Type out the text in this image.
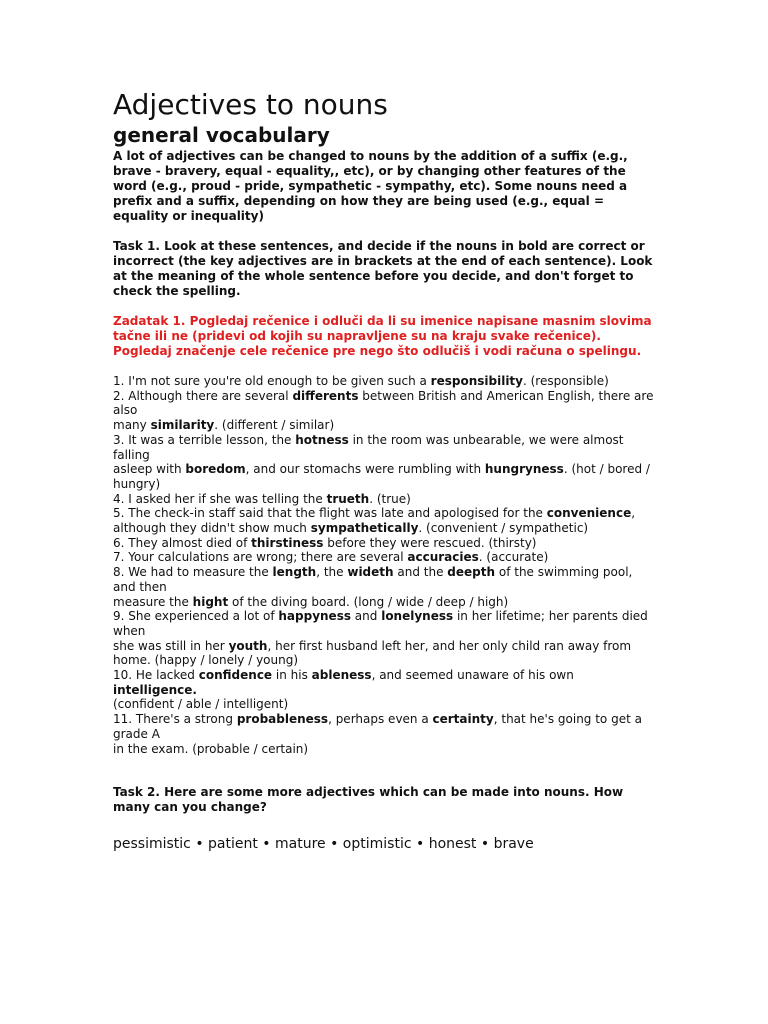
Adjectives to nouns
general vocabulary

A lot of adjectives can be changed to nouns by the addition of a suffix (e.g., brave - bravery, equal - equality,, etc), or by changing other features of the word (e.g., proud - pride, sympathetic - sympathy, etc). Some nouns need a prefix and a suffix, depending on how they are being used (e.g., equal = equality or inequality)

Task 1. Look at these sentences, and decide if the nouns in bold are correct or incorrect (the key adjectives are in brackets at the end of each sentence). Look at the meaning of the whole sentence before you decide, and don't forget to check the spelling.

Zadatak 1. Pogledaj rečenice i odluči da li su imenice napisane masnim slovima tačne ili ne (pridevi od kojih su napravljene su na kraju svake rečenice). Pogledaj značenje cele rečenice pre nego što odlučiš i vodi računa o spelingu.

1. I'm not sure you're old enough to be given such a responsibility. (responsible)
2. Although there are several differents between British and American English, there are also
many similarity. (different / similar)
3. It was a terrible lesson, the hotness in the room was unbearable, we were almost falling
asleep with boredom, and our stomachs were rumbling with hungryness. (hot / bored / hungry)
4. I asked her if she was telling the trueth. (true)
5. The check-in staff said that the flight was late and apologised for the convenience,
although they didn't show much sympathetically. (convenient / sympathetic)
6. They almost died of thirstiness before they were rescued. (thirsty)
7. Your calculations are wrong; there are several accuracies. (accurate)
8. We had to measure the length, the wideth and the deepth of the swimming pool, and then
measure the hight of the diving board. (long / wide / deep / high)
9. She experienced a lot of happyness and lonelyness in her lifetime; her parents died when
she was still in her youth, her first husband left her, and her only child ran away from home. (happy / lonely / young)
10. He lacked confidence in his ableness, and seemed unaware of his own intelligence.
(confident / able / intelligent)
11. There's a strong probableness, perhaps even a certainty, that he's going to get a grade A
in the exam. (probable / certain)

Task 2. Here are some more adjectives which can be made into nouns. How many can you change?

pessimistic • patient • mature • optimistic • honest • brave
